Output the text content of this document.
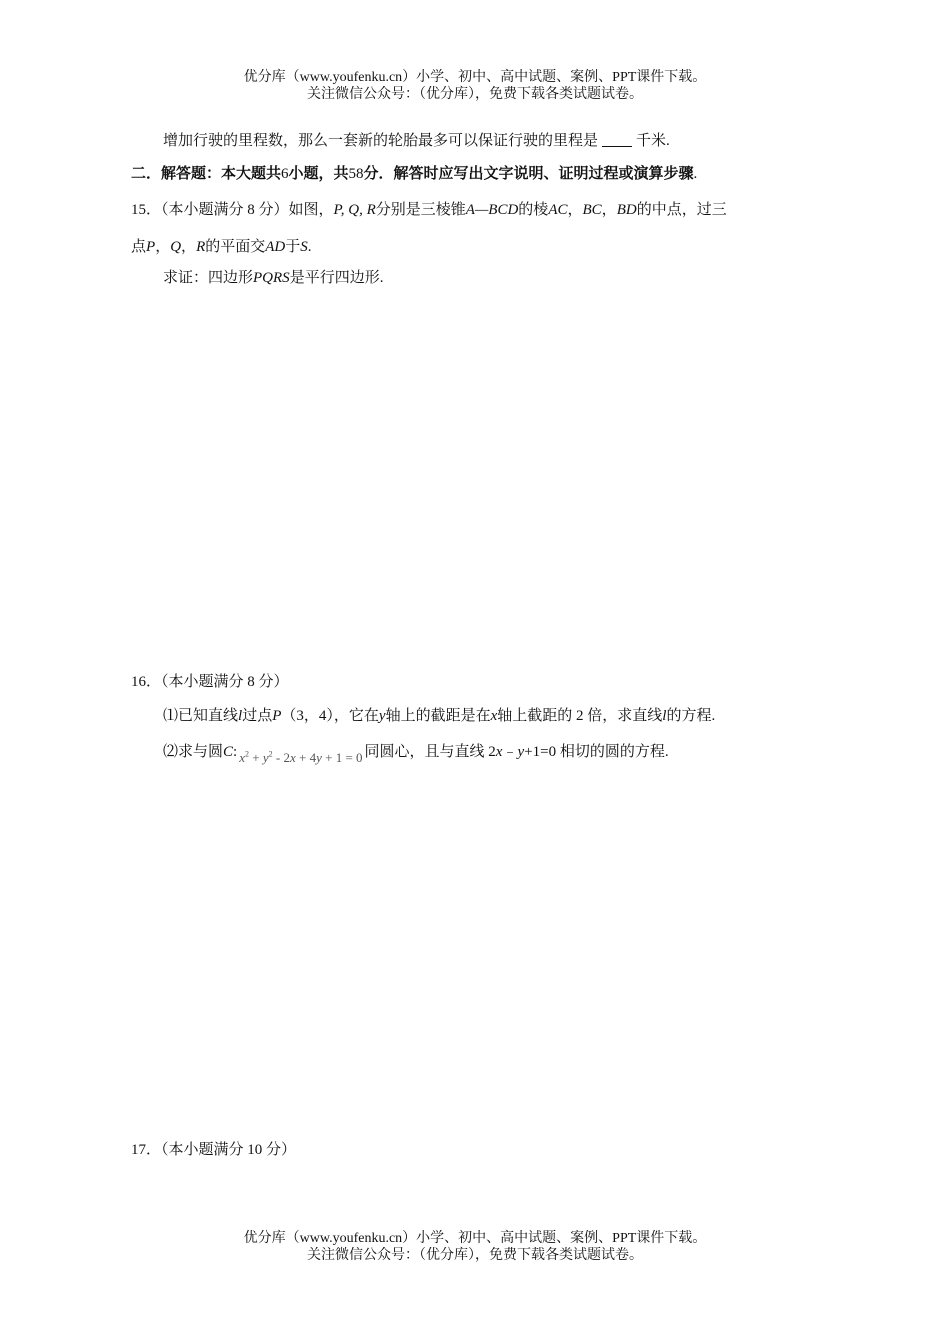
优分库（www.youfenku.cn）小学、初中、高中试题、案例、PPT课件下载。
关注微信公众号：（优分库），免费下载各类试题试卷。
增加行驶的里程数，那么一套新的轮胎最多可以保证行驶的里程是	千米.
二．解答题：本大题共6小题，共58分．解答时应写出文字说明、证明过程或演算步骤.
15．（本小题满分 8 分）如图，P, Q, R分别是三棱锥A—BCD的棱AC，BC，BD的中点，过三
点P，Q，R的平面交AD于S.
求证：四边形PQRS是平行四边形.
16．（本小题满分 8 分）
⑴已知直线l过点P（3，4），它在y轴上的截距是在x轴上截距的 2 倍，求直线l的方程.
⑵求与圆C: $x^2 + y^2 - 2x + 4y + 1 = 0$ 同圆心，且与直线 2x﹣y+1=0 相切的圆的方程.
17．（本小题满分 10 分）
优分库（www.youfenku.cn）小学、初中、高中试题、案例、PPT课件下载。
关注微信公众号：（优分库），免费下载各类试题试卷。
